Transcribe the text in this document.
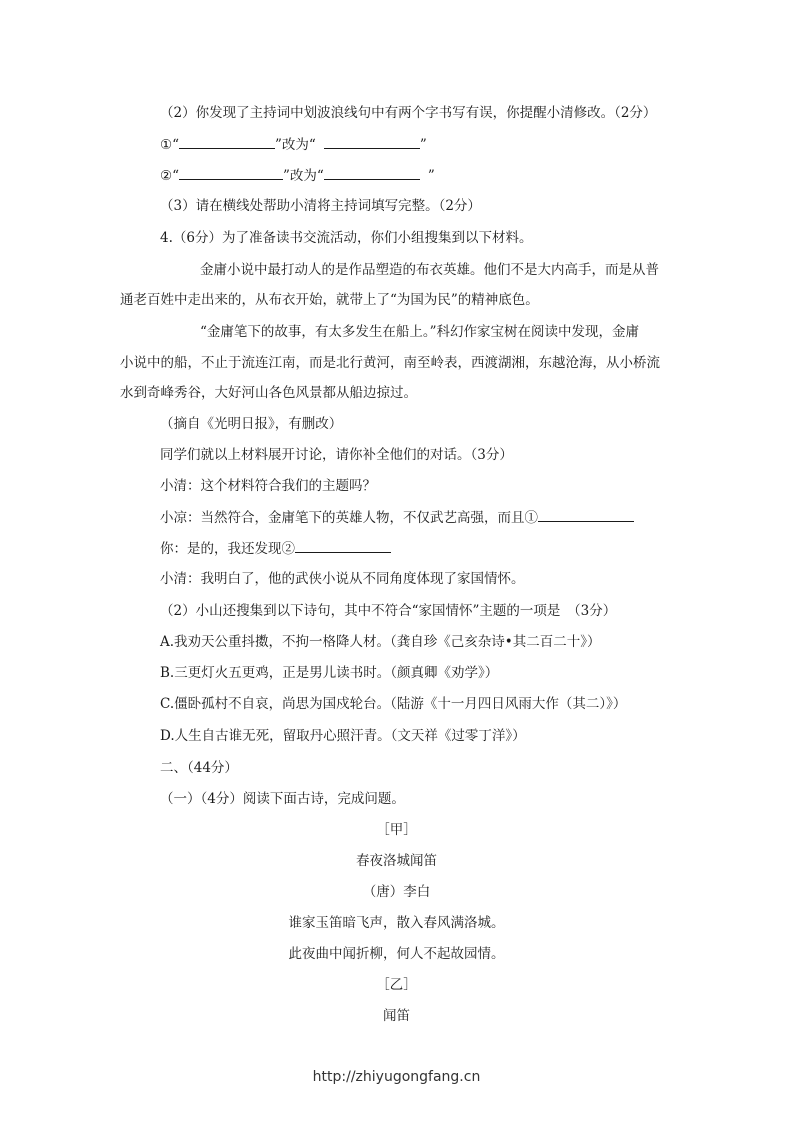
（2）你发现了主持词中划波浪线句中有两个字书写有误，你提醒小清修改。（2分）
①“	”改为“	”
②“	”改为“	”
（3）请在横线处帮助小清将主持词填写完整。（2分）
4.（6分）为了准备读书交流活动，你们小组搜集到以下材料。
金庸小说中最打动人的是作品塑造的布衣英雄。他们不是大内高手，而是从普
通老百姓中走出来的，从布衣开始，就带上了“为国为民”的精神底色。
“金庸笔下的故事，有太多发生在船上。”科幻作家宝树在阅读中发现，金庸
小说中的船，不止于流连江南，而是北行黄河，南至岭表，西渡湖湘，东越沧海，从小桥流
水到奇峰秀谷，大好河山各色风景都从船边掠过。
（摘自《光明日报》，有删改）
同学们就以上材料展开讨论，请你补全他们的对话。（3分）
小清：这个材料符合我们的主题吗？
小凉：当然符合，金庸笔下的英雄人物，不仅武艺高强，而且①
你：是的，我还发现②
小清：我明白了，他的武侠小说从不同角度体现了家国情怀。
（2）小山还搜集到以下诗句，其中不符合“家国情怀”主题的一项是　（3分）
A.我劝天公重抖擞，不拘一格降人材。（龚自珍《己亥杂诗•其二百二十》）
B.三更灯火五更鸡，正是男儿读书时。（颜真卿《劝学》）
C.僵卧孤村不自哀，尚思为国戍轮台。（陆游《十一月四日风雨大作（其二）》）
D.人生自古谁无死，留取丹心照汗青。（文天祥《过零丁洋》）
二、（44分）
（一）（4分）阅读下面古诗，完成问题。
［甲］
春夜洛城闻笛
（唐）李白
谁家玉笛暗飞声，散入春风满洛城。
此夜曲中闻折柳，何人不起故园情。
［乙］
闻笛
http://zhiyugongfang.cn
